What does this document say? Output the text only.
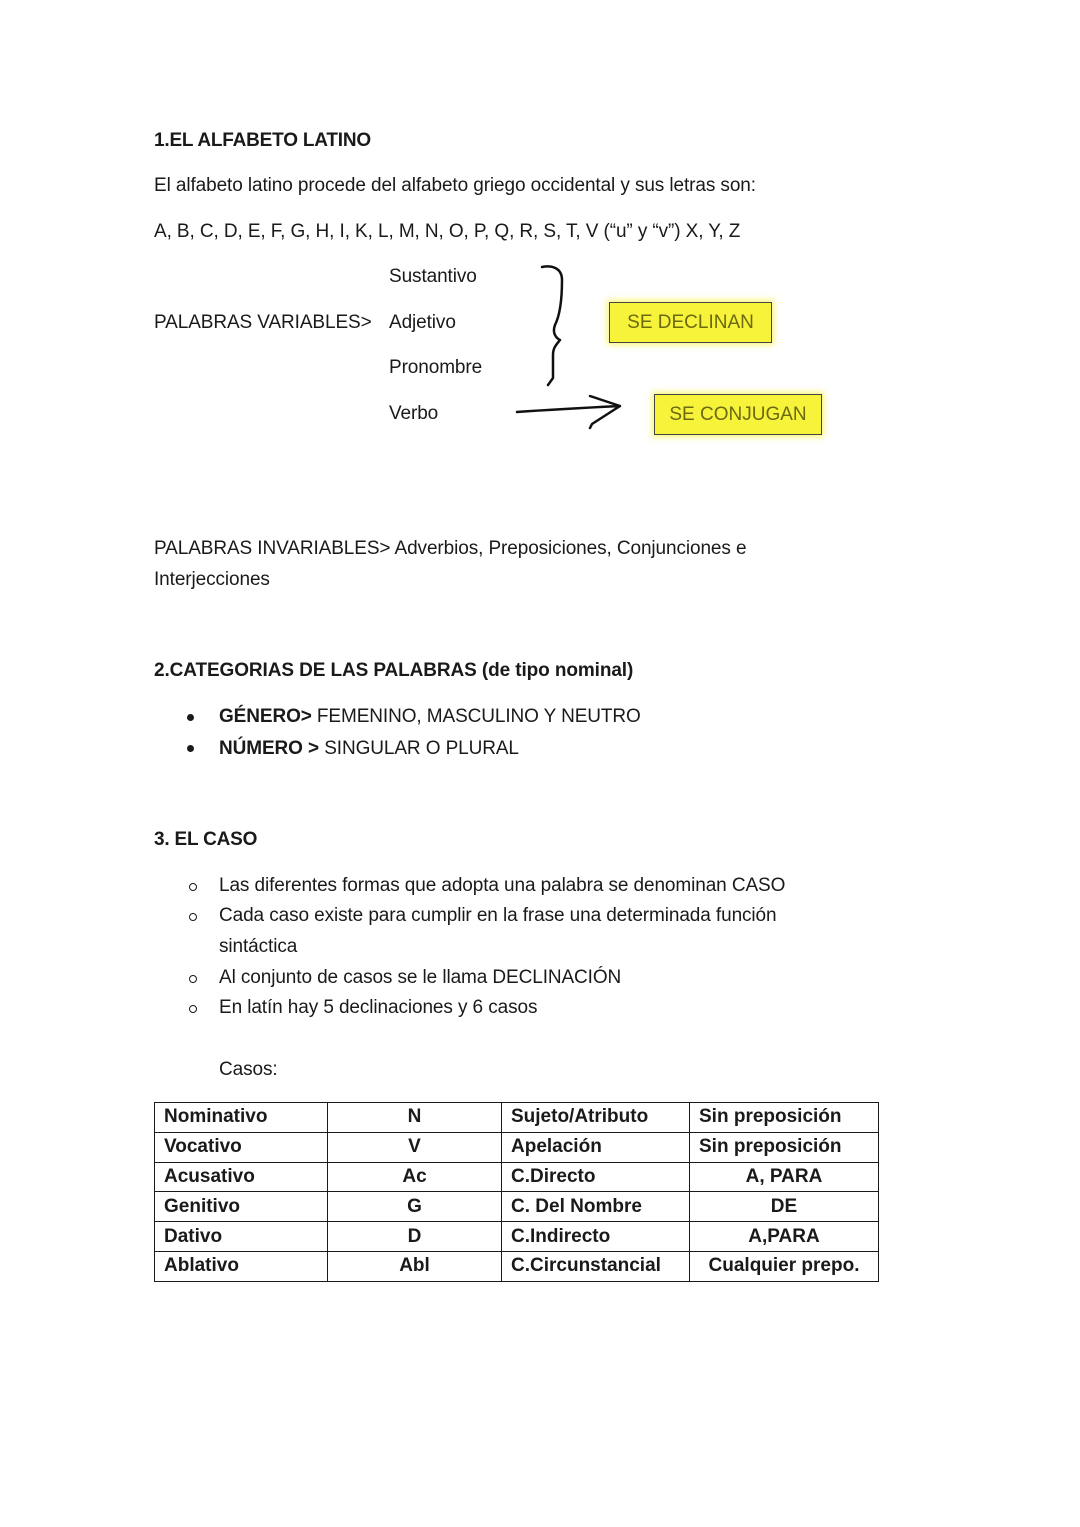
1.EL ALFABETO LATINO
El alfabeto latino procede del alfabeto griego occidental y sus letras son:
A, B, C, D, E, F, G, H, I, K, L, M, N, O, P, Q, R, S, T, V (“u” y “v”) X, Y, Z
PALABRAS VARIABLES>
Sustantivo
Adjetivo
Pronombre
Verbo
SE DECLINAN
SE CONJUGAN
PALABRAS INVARIABLES> Adverbios, Preposiciones, Conjunciones e
Interjecciones
2.CATEGORIAS DE LAS PALABRAS (de tipo nominal)
GÉNERO> FEMENINO, MASCULINO Y NEUTRO
NÚMERO > SINGULAR O PLURAL
3. EL CASO
Las diferentes formas que adopta una palabra se denominan CASO
Cada caso existe para cumplir en la frase una determinada función
sintáctica
Al conjunto de casos se le llama DECLINACIÓN
En latín hay 5 declinaciones y 6 casos
Casos:
Nominativo	N	Sujeto/Atributo	Sin preposición
Vocativo	V	Apelación	Sin preposición
Acusativo	Ac	C.Directo	A, PARA
Genitivo	G	C. Del Nombre	DE
Dativo	D	C.Indirecto	A,PARA
Ablativo	Abl	C.Circunstancial	Cualquier prepo.
